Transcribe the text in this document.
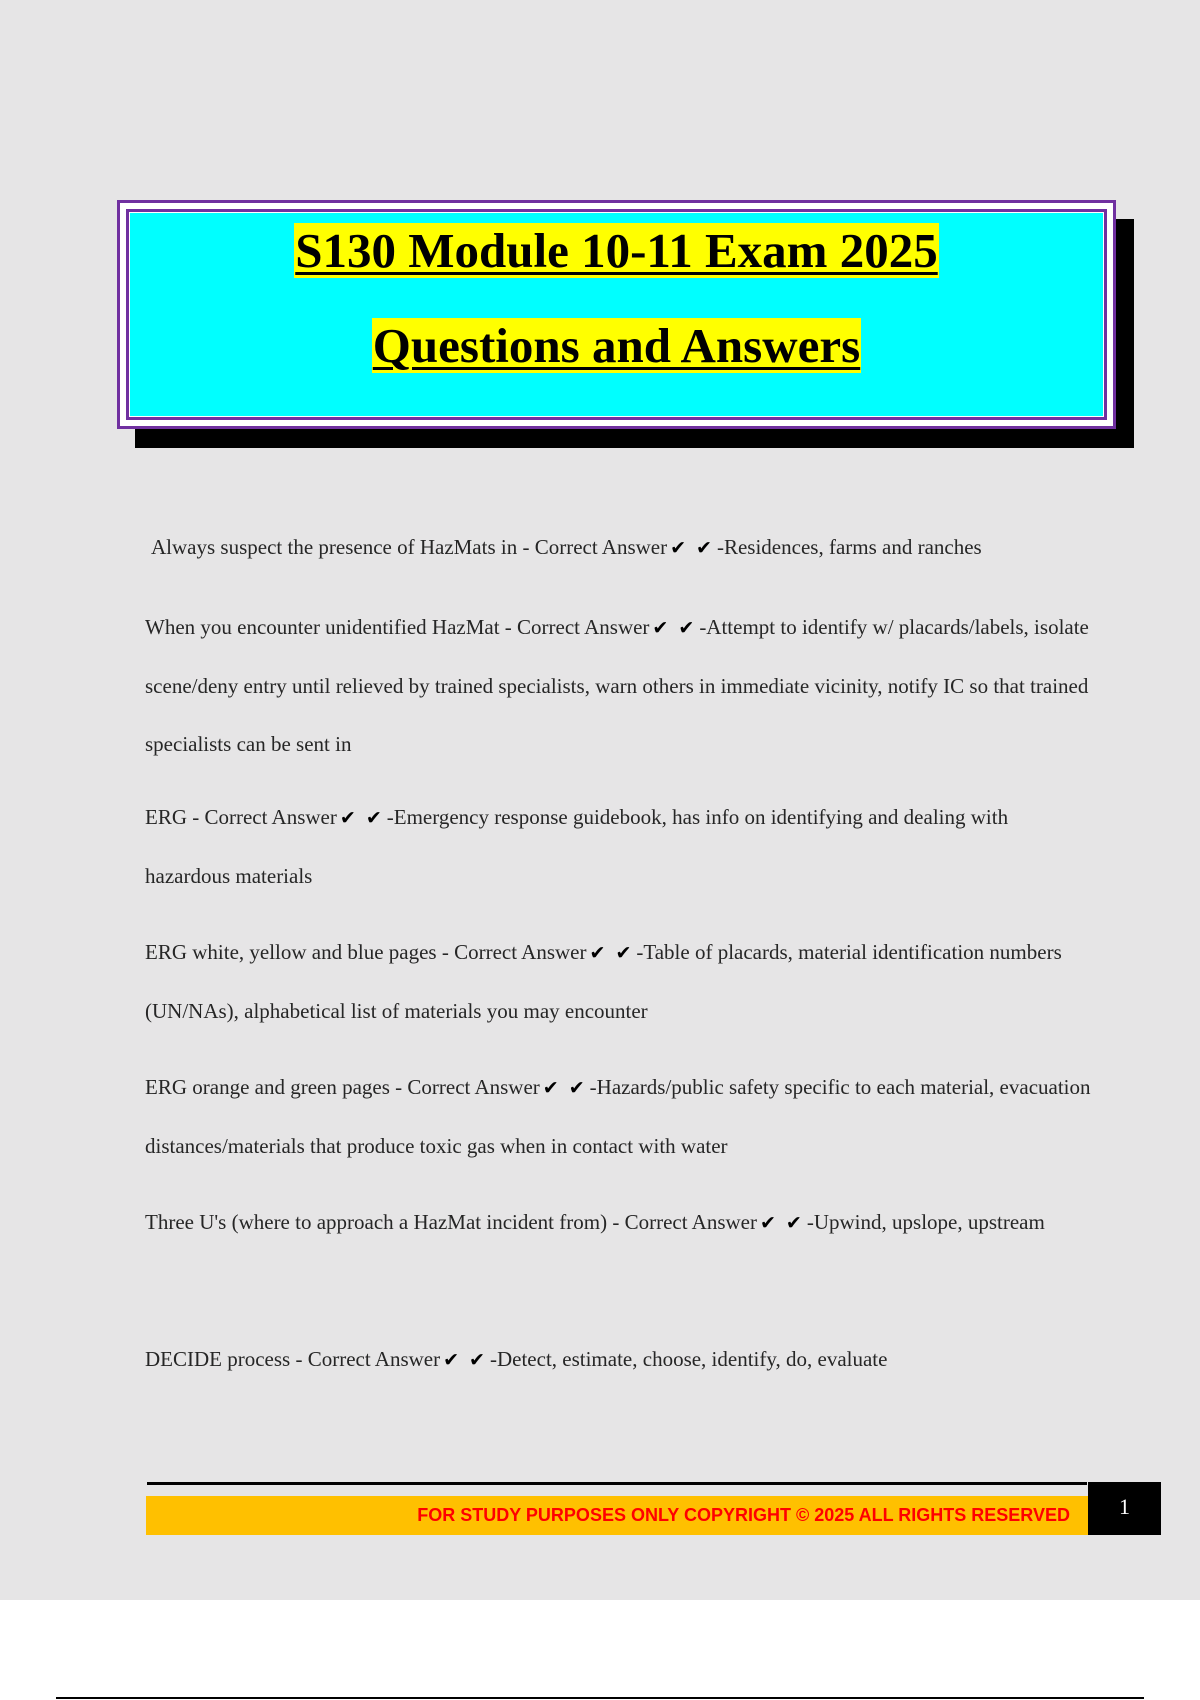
S130 Module 10-11 Exam 2025
Questions and Answers
Always suspect the presence of HazMats in - Correct Answer ✔ ✔ -Residences, farms and ranches
When you encounter unidentified HazMat - Correct Answer ✔ ✔ -Attempt to identify w/ placards/labels, isolate scene/deny entry until relieved by trained specialists, warn others in immediate vicinity, notify IC so that trained specialists can be sent in
ERG - Correct Answer ✔ ✔ -Emergency response guidebook, has info on identifying and dealing with hazardous materials
ERG white, yellow and blue pages - Correct Answer ✔ ✔ -Table of placards, material identification numbers (UN/NAs), alphabetical list of materials you may encounter
ERG orange and green pages - Correct Answer ✔ ✔ -Hazards/public safety specific to each material, evacuation distances/materials that produce toxic gas when in contact with water
Three U's (where to approach a HazMat incident from) - Correct Answer ✔ ✔ -Upwind, upslope, upstream
DECIDE process - Correct Answer ✔ ✔ -Detect, estimate, choose, identify, do, evaluate
FOR STUDY PURPOSES ONLY COPYRIGHT © 2025 ALL RIGHTS RESERVED	1
